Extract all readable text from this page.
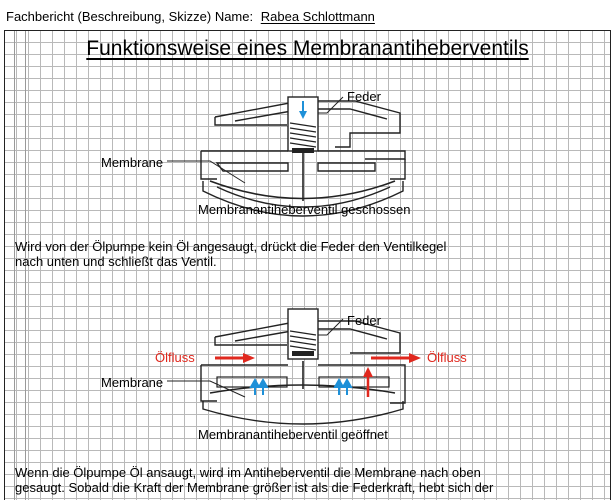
Fachbericht (Beschreibung, Skizze) Name: Rabea Schlottmann
Funktionsweise eines Membranantiheberventils
Feder
Membrane
Membranantiheberventil geschossen
Wird von der Ölpumpe kein Öl angesaugt, drückt die Feder den Ventilkegel
nach unten und schließt das Ventil.
Feder
Ölfluss	Ölfluss
Membrane
Membranantiheberventil geöffnet
Wenn die Ölpumpe Öl ansaugt, wird im Antiheberventil die Membrane nach oben
gesaugt. Sobald die Kraft der Membrane größer ist als die Federkraft, hebt sich der
